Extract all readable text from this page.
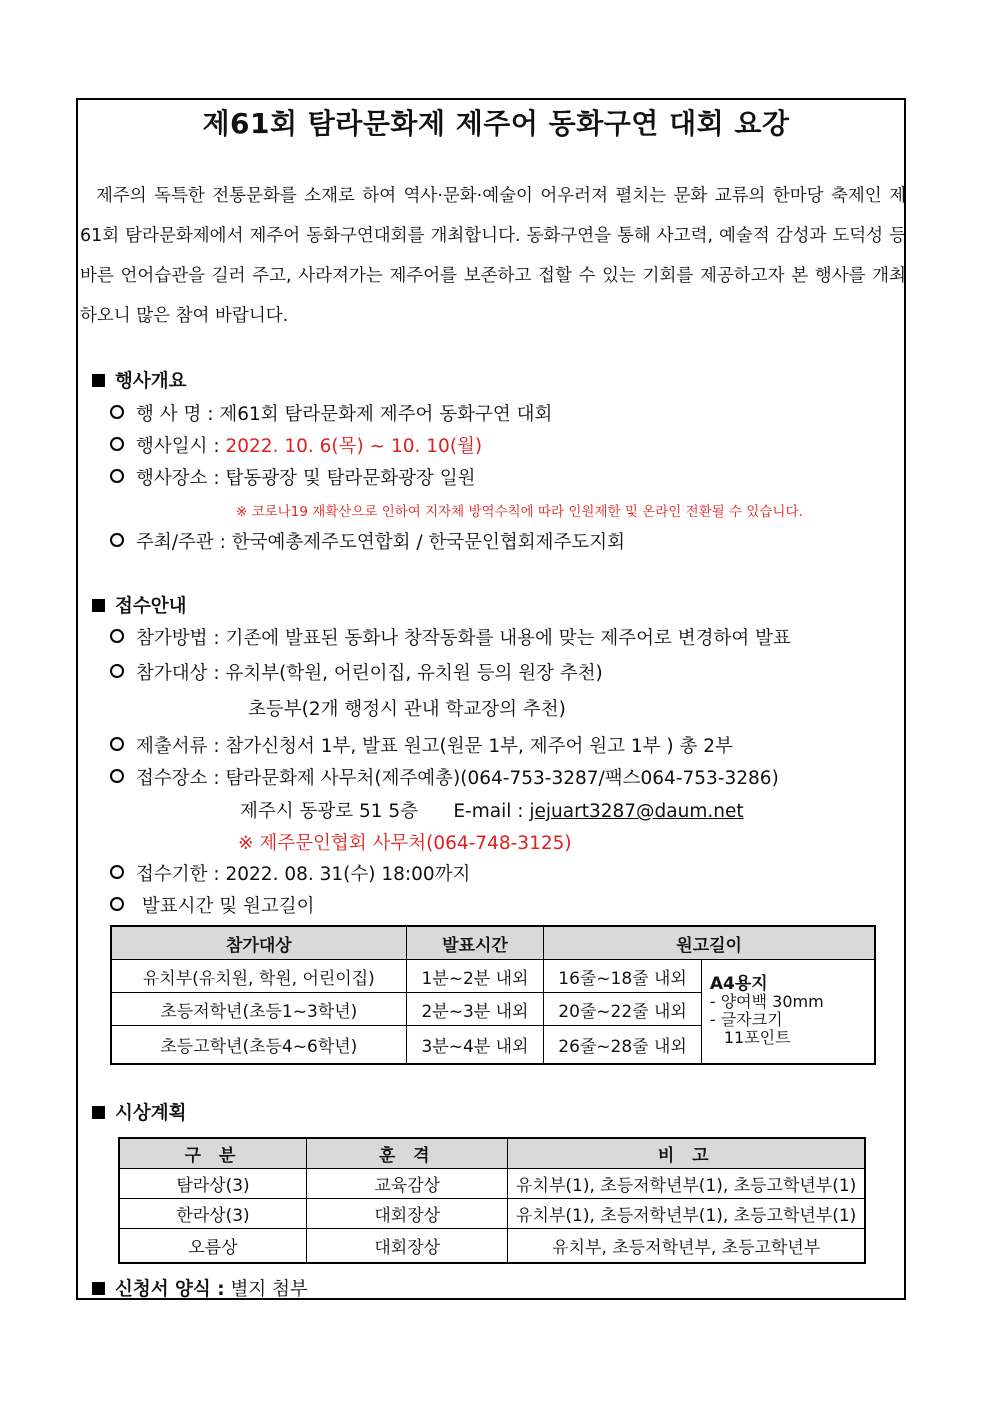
제61회 탐라문화제 제주어 동화구연 대회 요강

제주의 독특한 전통문화를 소재로 하여 역사·문화·예술이 어우러져 펼치는 문화 교류의 한마당 축제인 제61회 탐라문화제에서 제주어 동화구연대회를 개최합니다. 동화구연을 통해 사고력, 예술적 감성과 도덕성 등 바른 언어습관을 길러 주고, 사라져가는 제주어를 보존하고 접할 수 있는 기회를 제공하고자 본 행사를 개최하오니 많은 참여 바랍니다.

행사개요
행 사 명 : 제61회 탐라문화제 제주어 동화구연 대회
행사일시 : 2022. 10. 6(목) ~ 10. 10(월)
행사장소 : 탑동광장 및 탐라문화광장 일원
※ 코로나19 재확산으로 인하여 지자체 방역수칙에 따라 인원제한 및 온라인 전환될 수 있습니다.
주최/주관 : 한국예총제주도연합회 / 한국문인협회제주도지회
접수안내
참가방법 : 기존에 발표된 동화나 창작동화를 내용에 맞는 제주어로 변경하여 발표
참가대상 : 유치부(학원, 어린이집, 유치원 등의 원장 추천)
초등부(2개 행정시 관내 학교장의 추천)
제출서류 : 참가신청서 1부, 발표 원고(원문 1부, 제주어 원고 1부 ) 총 2부
접수장소 : 탐라문화제 사무처(제주예총)(064-753-3287/팩스064-753-3286)
제주시 동광로 51 5층 E-mail : jejuart3287@daum.net
※ 제주문인협회 사무처(064-748-3125)
접수기한 : 2022. 08. 31(수) 18:00까지
발표시간 및 원고길이
참가대상	발표시간	원고길이	
유치부(유치원, 학원, 어린이집)	1분~2분 내외	16줄~18줄 내외	A4용지
- 양여백 30mm
- 글자크기
11포인트

초등저학년(초등1~3학년)	2분~3분 내외	20줄~22줄 내외	
초등고학년(초등4~6학년)	3분~4분 내외	26줄~28줄 내외	
시상계획
구 분	훈 격	비 고
탐라상(3)	교육감상	유치부(1), 초등저학년부(1), 초등고학년부(1)
한라상(3)	대회장상	유치부(1), 초등저학년부(1), 초등고학년부(1)
오름상	대회장상	유치부, 초등저학년부, 초등고학년부
신청서 양식 : 별지 첨부
